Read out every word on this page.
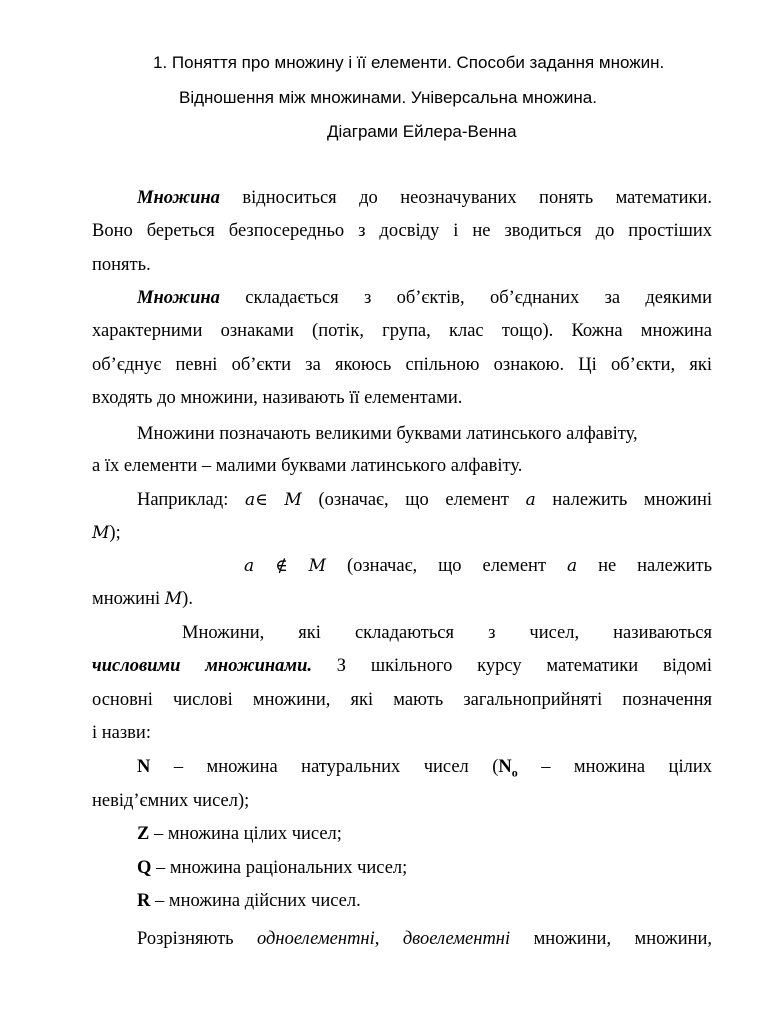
1. Поняття про множину і її елементи. Способи задання множин.
Відношення між множинами. Універсальна множина.
Діаграми Ейлера-Венна
Множина відноситься до неозначуваних понять математики.
Воно береться безпосередньо з досвіду і не зводиться до простіших
понять.
Множина складається з об’єктів, об’єднаних за деякими
характерними ознаками (потік, група, клас тощо). Кожна множина
об’єднує певні об’єкти за якоюсь спільною ознакою. Ці об’єкти, які
входять до множини, називають її елементами.
Множини позначають великими буквами латинського алфавіту,
а їх елементи – малими буквами латинського алфавіту.
Наприклад: a∈ M (означає, що елемент a належить множині
M);
a ∉ M (означає, що елемент a не належить
множині M).
Множини, які складаються з чисел, називаються
числовими множинами. З шкільного курсу математики відомі
основні числові множини, які мають загальноприйняті позначення
і назви:
N – множина натуральних чисел ($N_o$ – множина цілих
невід’ємних чисел);
Z – множина цілих чисел;
Q – множина раціональних чисел;
R – множина дійсних чисел.
Розрізняють одноелементні, двоелементні множини, множини,
